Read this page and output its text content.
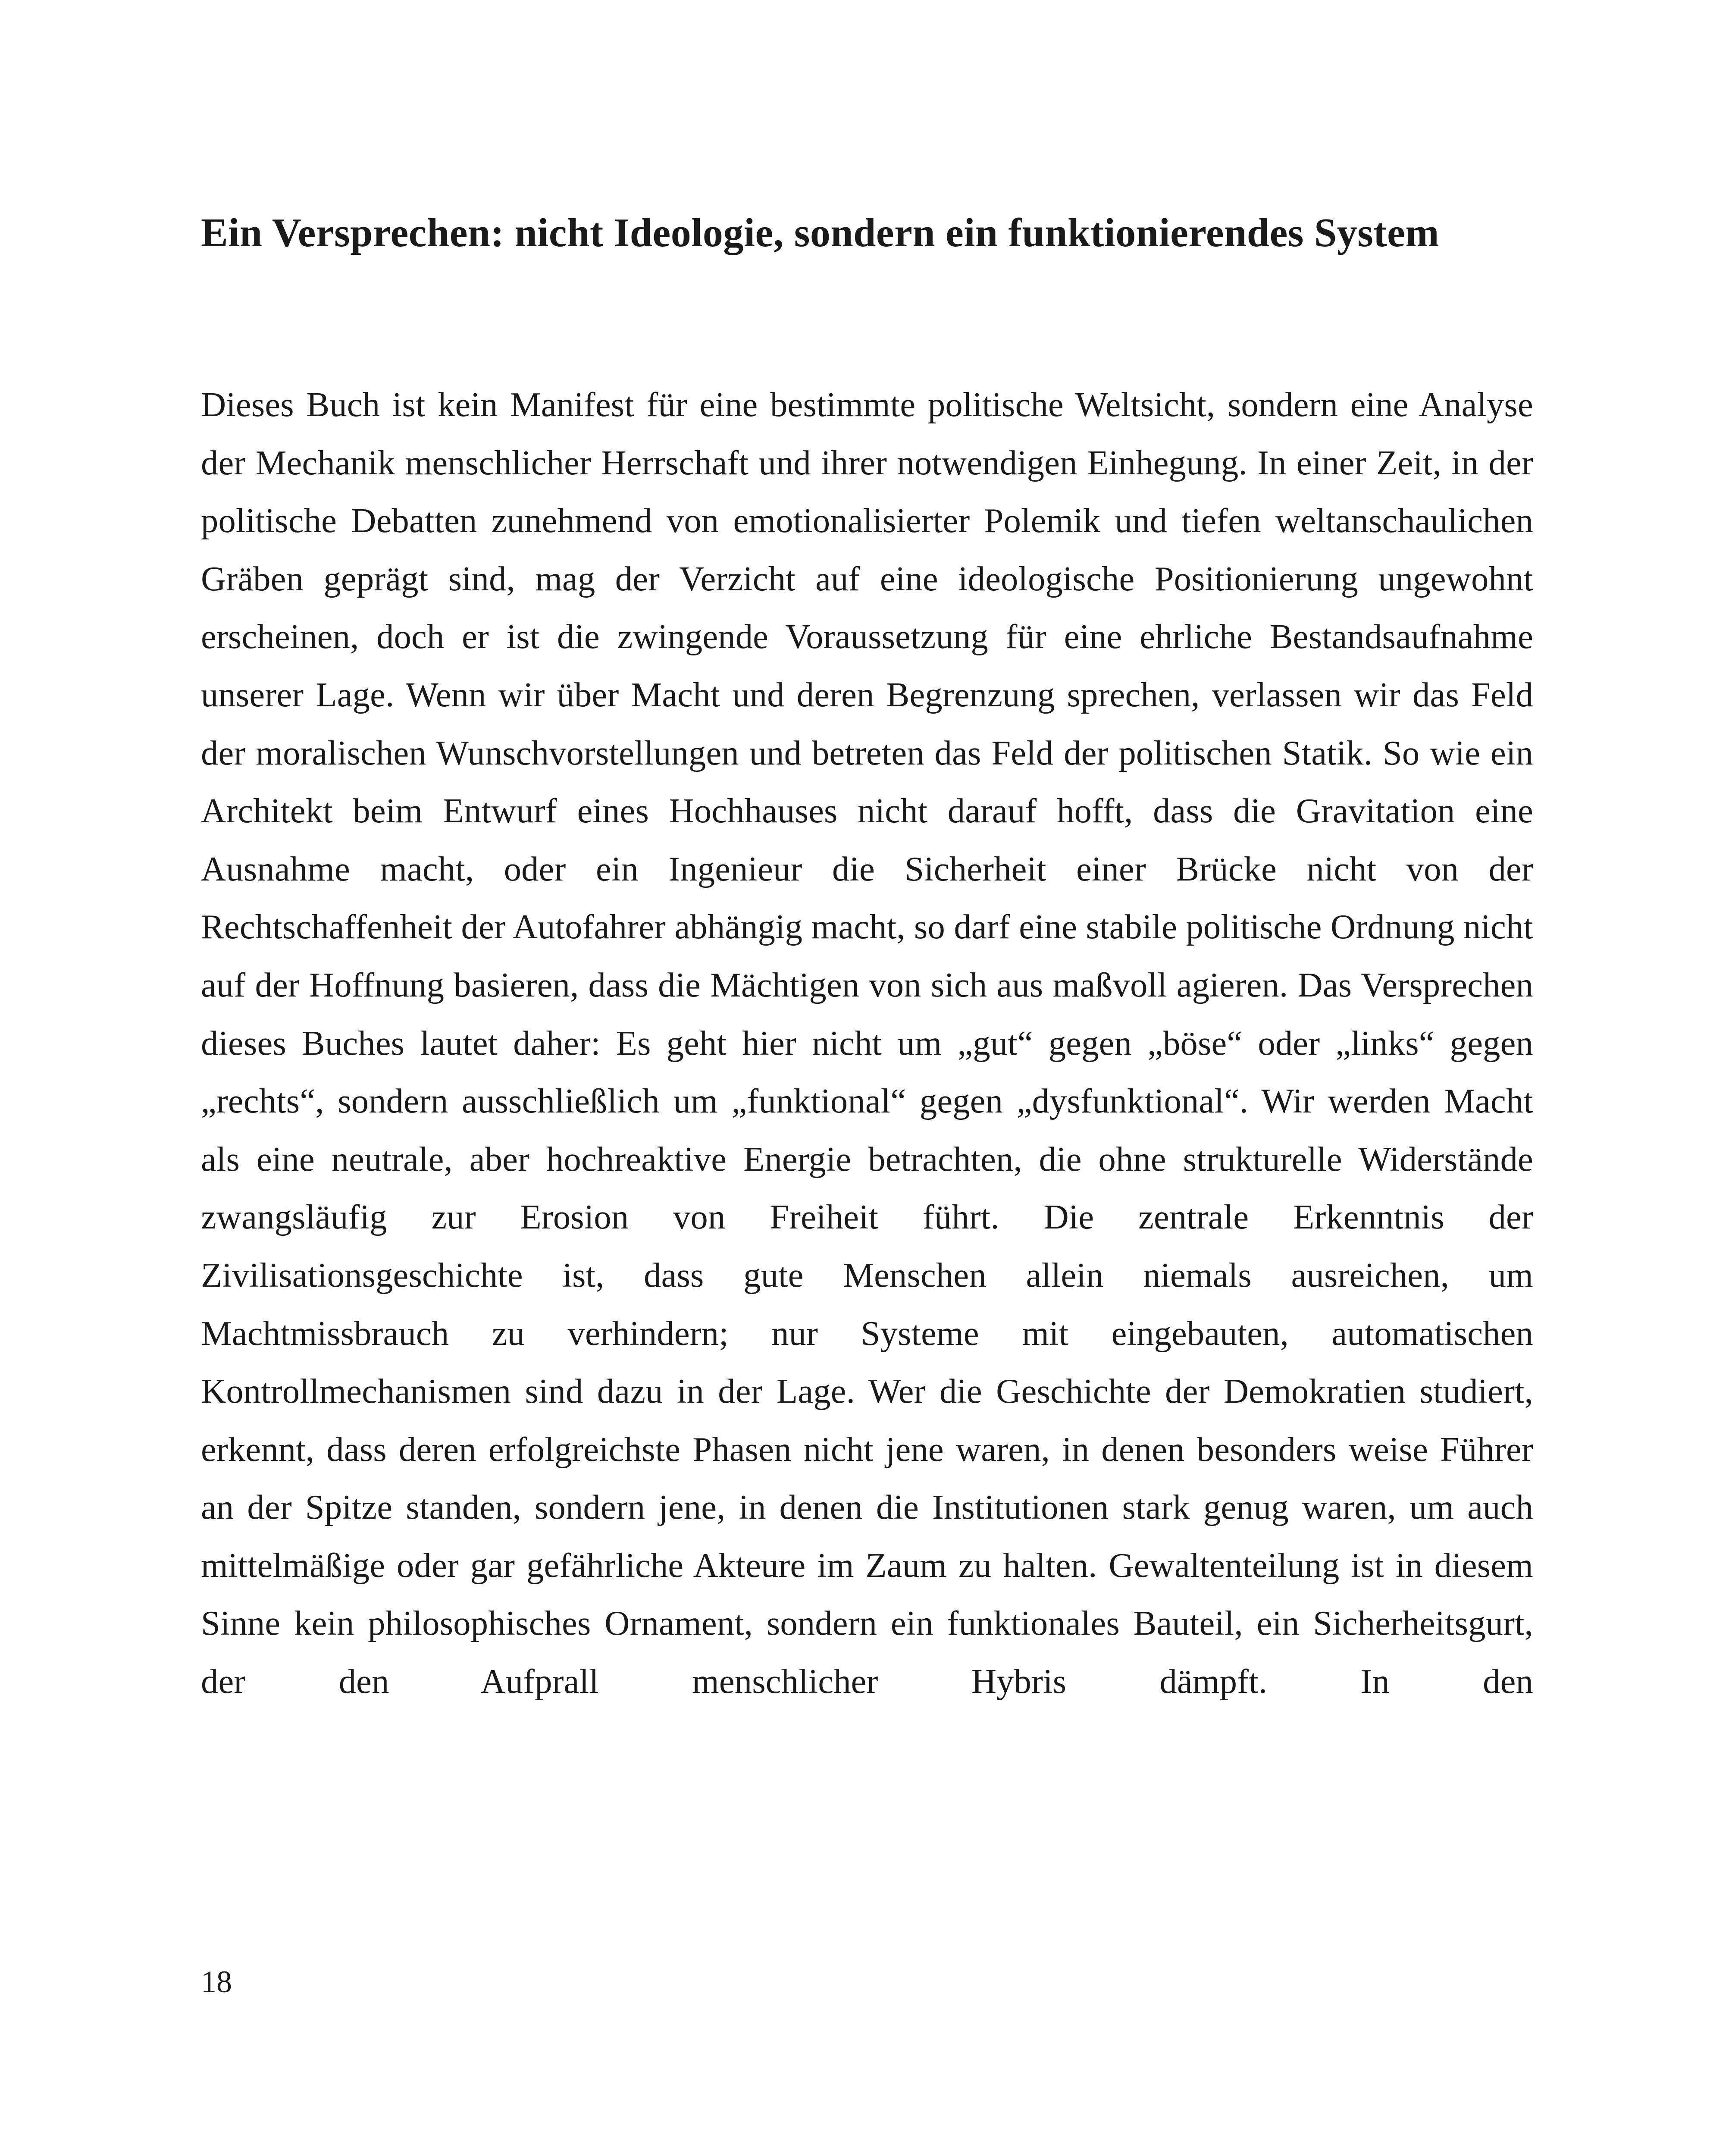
Ein Versprechen: nicht Ideologie, sondern ein funktionierendes System

Dieses Buch ist kein Manifest für eine bestimmte politische Weltsicht, sondern eine Analyse der Mechanik menschlicher Herrschaft und ihrer notwendigen Einhegung. In einer Zeit, in der politische Debatten zunehmend von emotionalisierter Polemik und tiefen weltanschaulichen Gräben geprägt sind, mag der Verzicht auf eine ideologische Positionierung ungewohnt erscheinen, doch er ist die zwingende Voraussetzung für eine ehrliche Bestandsaufnahme unserer Lage. Wenn wir über Macht und deren Begrenzung sprechen, verlassen wir das Feld der moralischen Wunschvorstellungen und betreten das Feld der politischen Statik. So wie ein Architekt beim Entwurf eines Hochhauses nicht darauf hofft, dass die Gravitation eine Ausnahme macht, oder ein Ingenieur die Sicherheit einer Brücke nicht von der Rechtschaffenheit der Autofahrer abhängig macht, so darf eine stabile politische Ordnung nicht auf der Hoffnung basieren, dass die Mächtigen von sich aus maßvoll agieren. Das Versprechen dieses Buches lautet daher: Es geht hier nicht um „gut“ gegen „böse“ oder „links“ gegen „rechts“, sondern ausschließlich um „funktional“ gegen „dysfunktional“. Wir werden Macht als eine neutrale, aber hochreaktive Energie betrachten, die ohne strukturelle Widerstände zwangsläufig zur Erosion von Freiheit führt. Die zentrale Erkenntnis der Zivilisationsgeschichte ist, dass gute Menschen allein niemals ausreichen, um Machtmissbrauch zu verhindern; nur Systeme mit eingebauten, automatischen Kontrollmechanismen sind dazu in der Lage. Wer die Geschichte der Demokratien studiert, erkennt, dass deren erfolgreichste Phasen nicht jene waren, in denen besonders weise Führer an der Spitze standen, sondern jene, in denen die Institutionen stark genug waren, um auch mittelmäßige oder gar gefährliche Akteure im Zaum zu halten. Gewaltenteilung ist in diesem Sinne kein philosophisches Ornament, sondern ein funktionales Bauteil, ein Sicherheitsgurt, der den Aufprall menschlicher Hybris dämpft. In den

18
